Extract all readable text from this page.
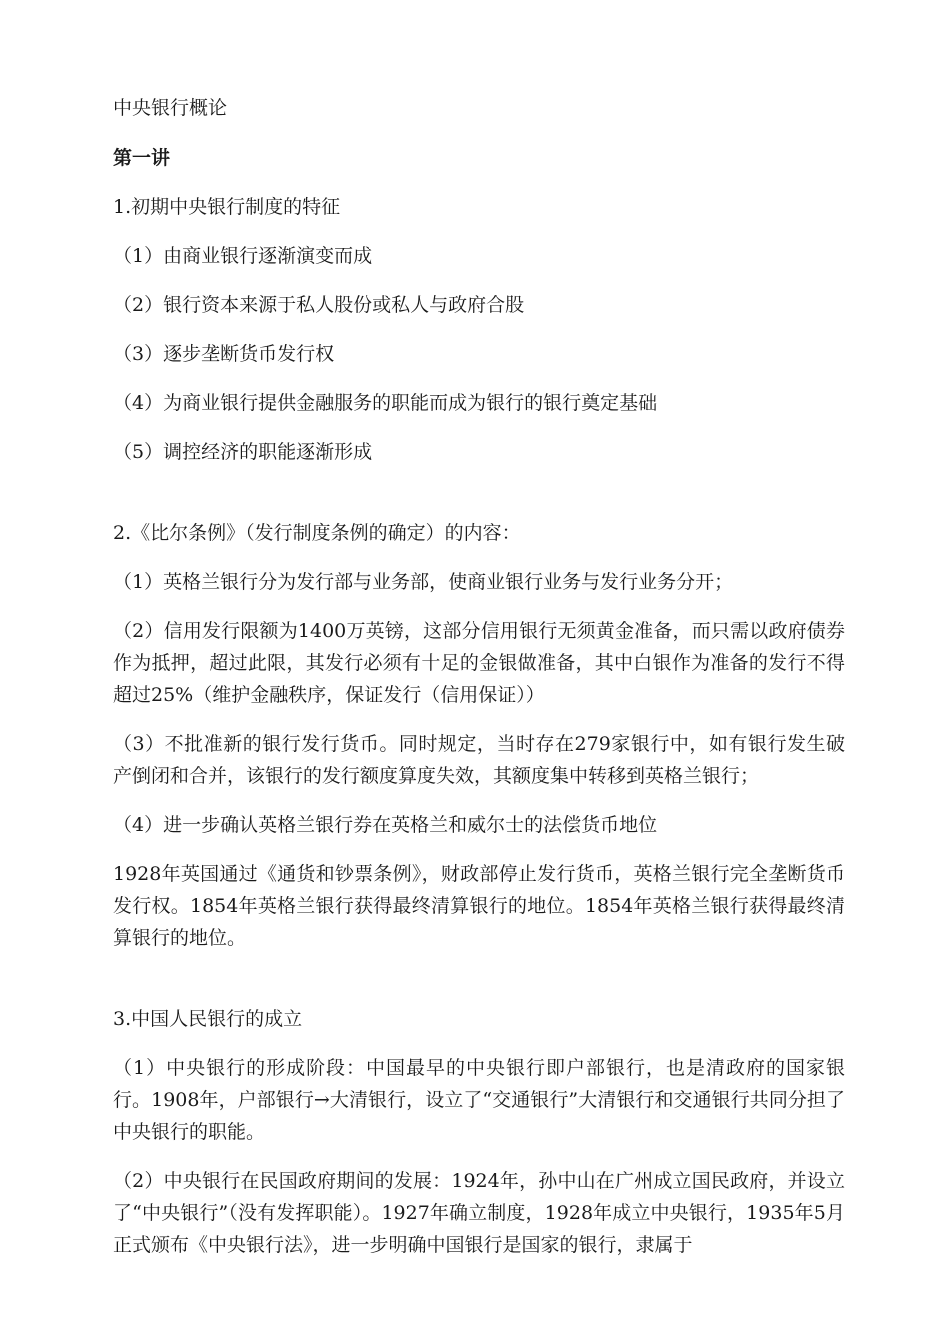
中央银行概论

第一讲

1.初期中央银行制度的特征

（1）由商业银行逐渐演变而成

（2）银行资本来源于私人股份或私人与政府合股

（3）逐步垄断货币发行权

（4）为商业银行提供金融服务的职能而成为银行的银行奠定基础

（5）调控经济的职能逐渐形成

2.《比尔条例》（发行制度条例的确定）的内容：

（1）英格兰银行分为发行部与业务部，使商业银行业务与发行业务分开；

（2）信用发行限额为1400万英镑，这部分信用银行无须黄金准备，而只需以政府债券作为抵押，超过此限，其发行必须有十足的金银做准备，其中白银作为准备的发行不得超过25%（维护金融秩序，保证发行（信用保证））

（3）不批准新的银行发行货币。同时规定，当时存在279家银行中，如有银行发生破产倒闭和合并，该银行的发行额度算度失效，其额度集中转移到英格兰银行；

（4）进一步确认英格兰银行券在英格兰和威尔士的法偿货币地位

1928年英国通过《通货和钞票条例》，财政部停止发行货币，英格兰银行完全垄断货币发行权。1854年英格兰银行获得最终清算银行的地位。1854年英格兰银行获得最终清算银行的地位。

3.中国人民银行的成立

（1）中央银行的形成阶段：中国最早的中央银行即户部银行，也是清政府的国家银行。1908年，户部银行→大清银行，设立了“交通银行”大清银行和交通银行共同分担了中央银行的职能。

（2）中央银行在民国政府期间的发展：1924年，孙中山在广州成立国民政府，并设立了“中央银行”（没有发挥职能）。1927年确立制度，1928年成立中央银行，1935年5月正式颁布《中央银行法》，进一步明确中国银行是国家的银行，隶属于
